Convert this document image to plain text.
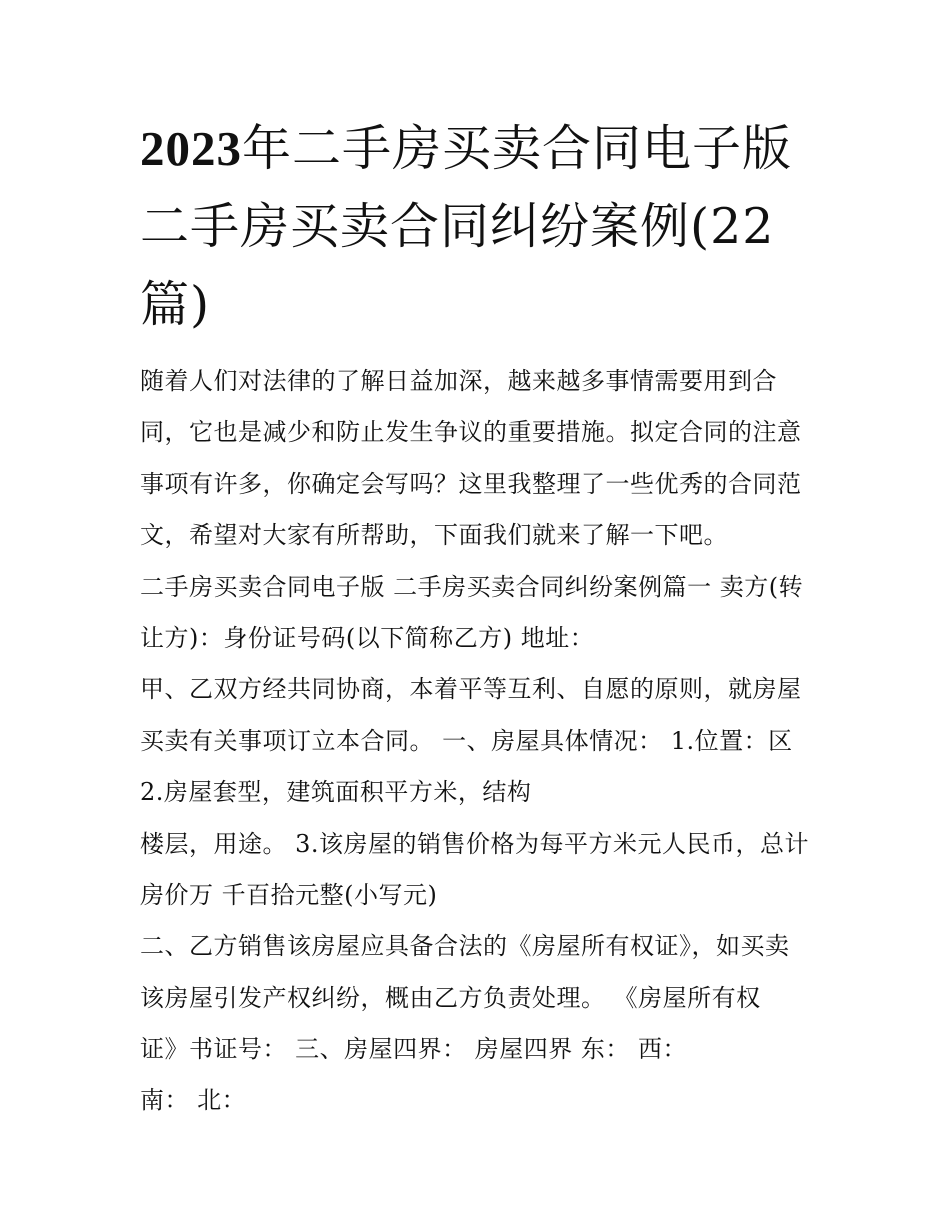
2023年二手房买卖合同电子版
二手房买卖合同纠纷案例(22
篇)
随着人们对法律的了解日益加深，越来越多事情需要用到合
同，它也是减少和防止发生争议的重要措施。拟定合同的注意
事项有许多，你确定会写吗？这里我整理了一些优秀的合同范
文，希望对大家有所帮助，下面我们就来了解一下吧。
二手房买卖合同电子版 二手房买卖合同纠纷案例篇一 卖方(转
让方)：身份证号码(以下简称乙方) 地址：
甲、乙双方经共同协商，本着平等互利、自愿的原则，就房屋
买卖有关事项订立本合同。 一、房屋具体情况： 1.位置：区
2.房屋套型，建筑面积平方米，结构
楼层，用途。 3.该房屋的销售价格为每平方米元人民币，总计
房价万 千百拾元整(小写元)
二、乙方销售该房屋应具备合法的《房屋所有权证》，如买卖
该房屋引发产权纠纷，概由乙方负责处理。 《房屋所有权
证》书证号： 三、房屋四界： 房屋四界 东： 西：
南： 北：
